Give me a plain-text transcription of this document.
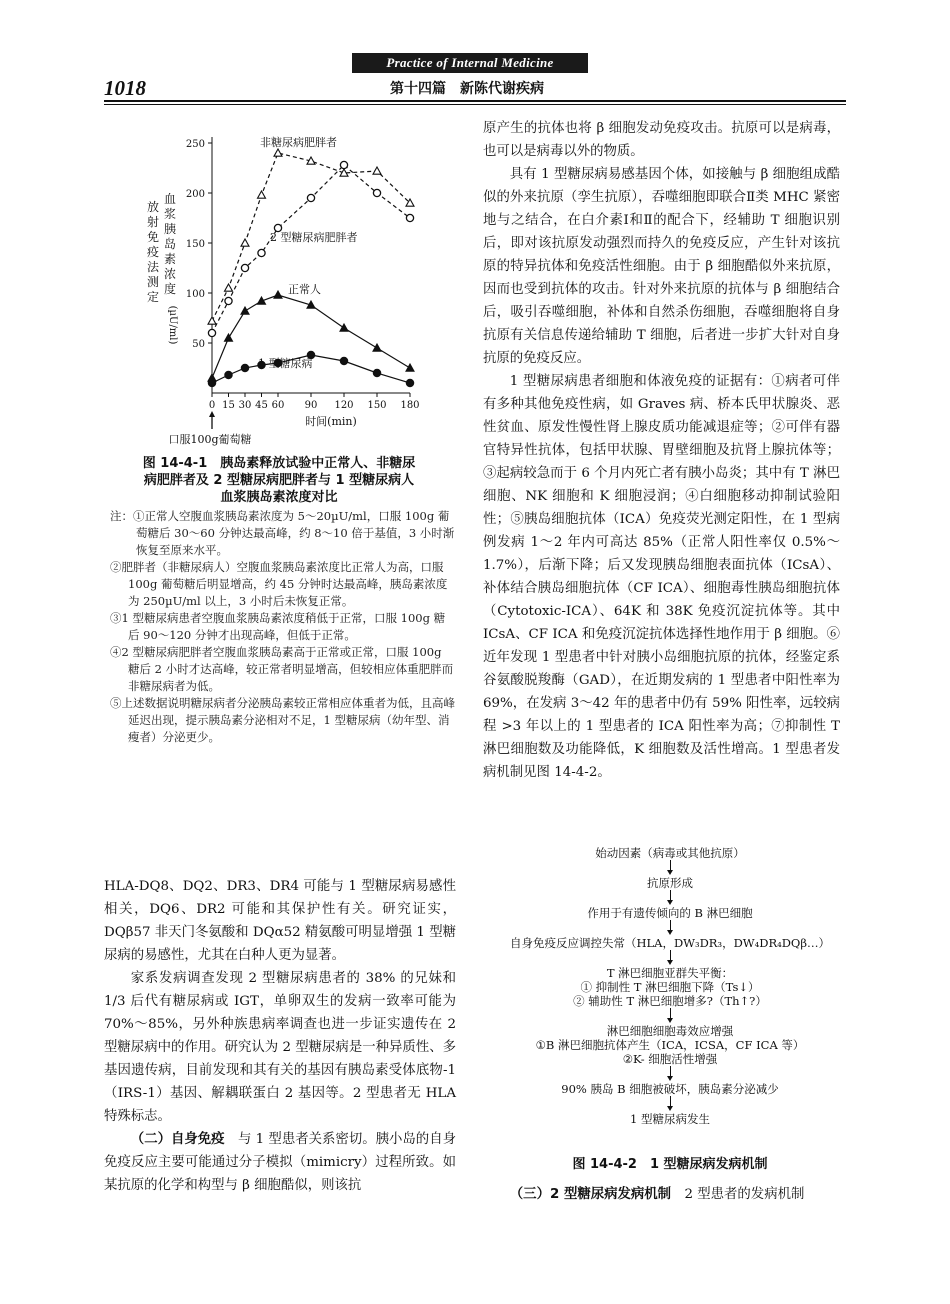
Practice of Internal Medicine
1018	第十四篇　新陈代谢疾病
50
100
150
200
250
0 15 30 45 60 90 120 150 180
时间(min)
口服100g葡萄糖
放
射
免
疫
法
测
定
血
浆
胰
岛
素
浓
度
(µU/ml)
非糖尿病肥胖者
2 型糖尿病肥胖者
正常人
1 型糖尿病
图 14-4-1　胰岛素释放试验中正常人、非糖尿
病肥胖者及 2 型糖尿病肥胖者与 1 型糖尿病人
血浆胰岛素浓度对比

注：①正常人空腹血浆胰岛素浓度为 5～20µU/ml，口服 100g 葡萄糖后 30～60 分钟达最高峰，约 8～10 倍于基值，3 小时渐恢复至原来水平。

②肥胖者（非糖尿病人）空腹血浆胰岛素浓度比正常人为高，口服 100g 葡萄糖后明显增高，约 45 分钟时达最高峰，胰岛素浓度为 250µU/ml 以上，3 小时后未恢复正常。

③1 型糖尿病患者空腹血浆胰岛素浓度稍低于正常，口服 100g 糖后 90～120 分钟才出现高峰，但低于正常。

④2 型糖尿病肥胖者空腹血浆胰岛素高于正常或正常，口服 100g 糖后 2 小时才达高峰，较正常者明显增高，但较相应体重肥胖而非糖尿病者为低。

⑤上述数据说明糖尿病者分泌胰岛素较正常相应体重者为低，且高峰延迟出现，提示胰岛素分泌相对不足，1 型糖尿病（幼年型、消瘦者）分泌更少。

HLA-DQ8、DQ2、DR3、DR4 可能与 1 型糖尿病易感性相关，DQ6、DR2 可能和其保护性有关。研究证实，DQβ57 非天门冬氨酸和 DQα52 精氨酸可明显增强 1 型糖尿病的易感性，尤其在白种人更为显著。

家系发病调查发现 2 型糖尿病患者的 38% 的兄妹和 1/3 后代有糖尿病或 IGT，单卵双生的发病一致率可能为 70%～85%，另外种族患病率调查也进一步证实遗传在 2 型糖尿病中的作用。研究认为 2 型糖尿病是一种异质性、多基因遗传病，目前发现和其有关的基因有胰岛素受体底物-1（IRS-1）基因、解耦联蛋白 2 基因等。2 型患者无 HLA 特殊标志。

（二）自身免疫　与 1 型患者关系密切。胰小岛的自身免疫反应主要可能通过分子模拟（mimicry）过程所致。如某抗原的化学和构型与 β 细胞酷似，则该抗

原产生的抗体也将 β 细胞发动免疫攻击。抗原可以是病毒，也可以是病毒以外的物质。

具有 1 型糖尿病易感基因个体，如接触与 β 细胞组成酷似的外来抗原（孪生抗原），吞噬细胞即联合Ⅱ类 MHC 紧密地与之结合，在白介素Ⅰ和Ⅱ的配合下，经辅助 T 细胞识别后，即对该抗原发动强烈而持久的免疫反应，产生针对该抗原的特异抗体和免疫活性细胞。由于 β 细胞酷似外来抗原，因而也受到抗体的攻击。针对外来抗原的抗体与 β 细胞结合后，吸引吞噬细胞，补体和自然杀伤细胞，吞噬细胞将自身抗原有关信息传递给辅助 T 细胞，后者进一步扩大针对自身抗原的免疫反应。

1 型糖尿病患者细胞和体液免疫的证据有：①病者可伴有多种其他免疫性病，如 Graves 病、桥本氏甲状腺炎、恶性贫血、原发性慢性肾上腺皮质功能减退症等；②可伴有器官特异性抗体，包括甲状腺、胃壁细胞及抗肾上腺抗体等；③起病较急而于 6 个月内死亡者有胰小岛炎；其中有 T 淋巴细胞、NK 细胞和 K 细胞浸润；④白细胞移动抑制试验阳性；⑤胰岛细胞抗体（ICA）免疫荧光测定阳性，在 1 型病例发病 1～2 年内可高达 85%（正常人阳性率仅 0.5%～1.7%），后渐下降；后又发现胰岛细胞表面抗体（ICsA）、补体结合胰岛细胞抗体（CF ICA）、细胞毒性胰岛细胞抗体（Cytotoxic-ICA）、64K 和 38K 免疫沉淀抗体等。其中 ICsA、CF ICA 和免疫沉淀抗体选择性地作用于 β 细胞。⑥近年发现 1 型患者中针对胰小岛细胞抗原的抗体，经鉴定系谷氨酸脱羧酶（GAD），在近期发病的 1 型患者中阳性率为 69%，在发病 3～42 年的患者中仍有 59% 阳性率，远较病程 >3 年以上的 1 型患者的 ICA 阳性率为高；⑦抑制性 T 淋巴细胞数及功能降低，K 细胞数及活性增高。1 型患者发病机制见图 14-4-2。

始动因素（病毒或其他抗原）
抗原形成
作用于有遗传倾向的 B 淋巴细胞
自身免疫反应调控失常（HLA，DW₃DR₃，DW₄DR₄DQβ…）
T 淋巴细胞亚群失平衡：
① 抑制性 T 淋巴细胞下降（Ts↓）
② 辅助性 T 淋巴细胞增多?（Th↑?）
淋巴细胞细胞毒效应增强
①B 淋巴细胞抗体产生（ICA，ICSA，CF ICA 等）
②K- 细胞活性增强
90% 胰岛 B 细胞被破坏，胰岛素分泌减少
1 型糖尿病发生
图 14-4-2　1 型糖尿病发病机制

（三）2 型糖尿病发病机制　2 型患者的发病机制
